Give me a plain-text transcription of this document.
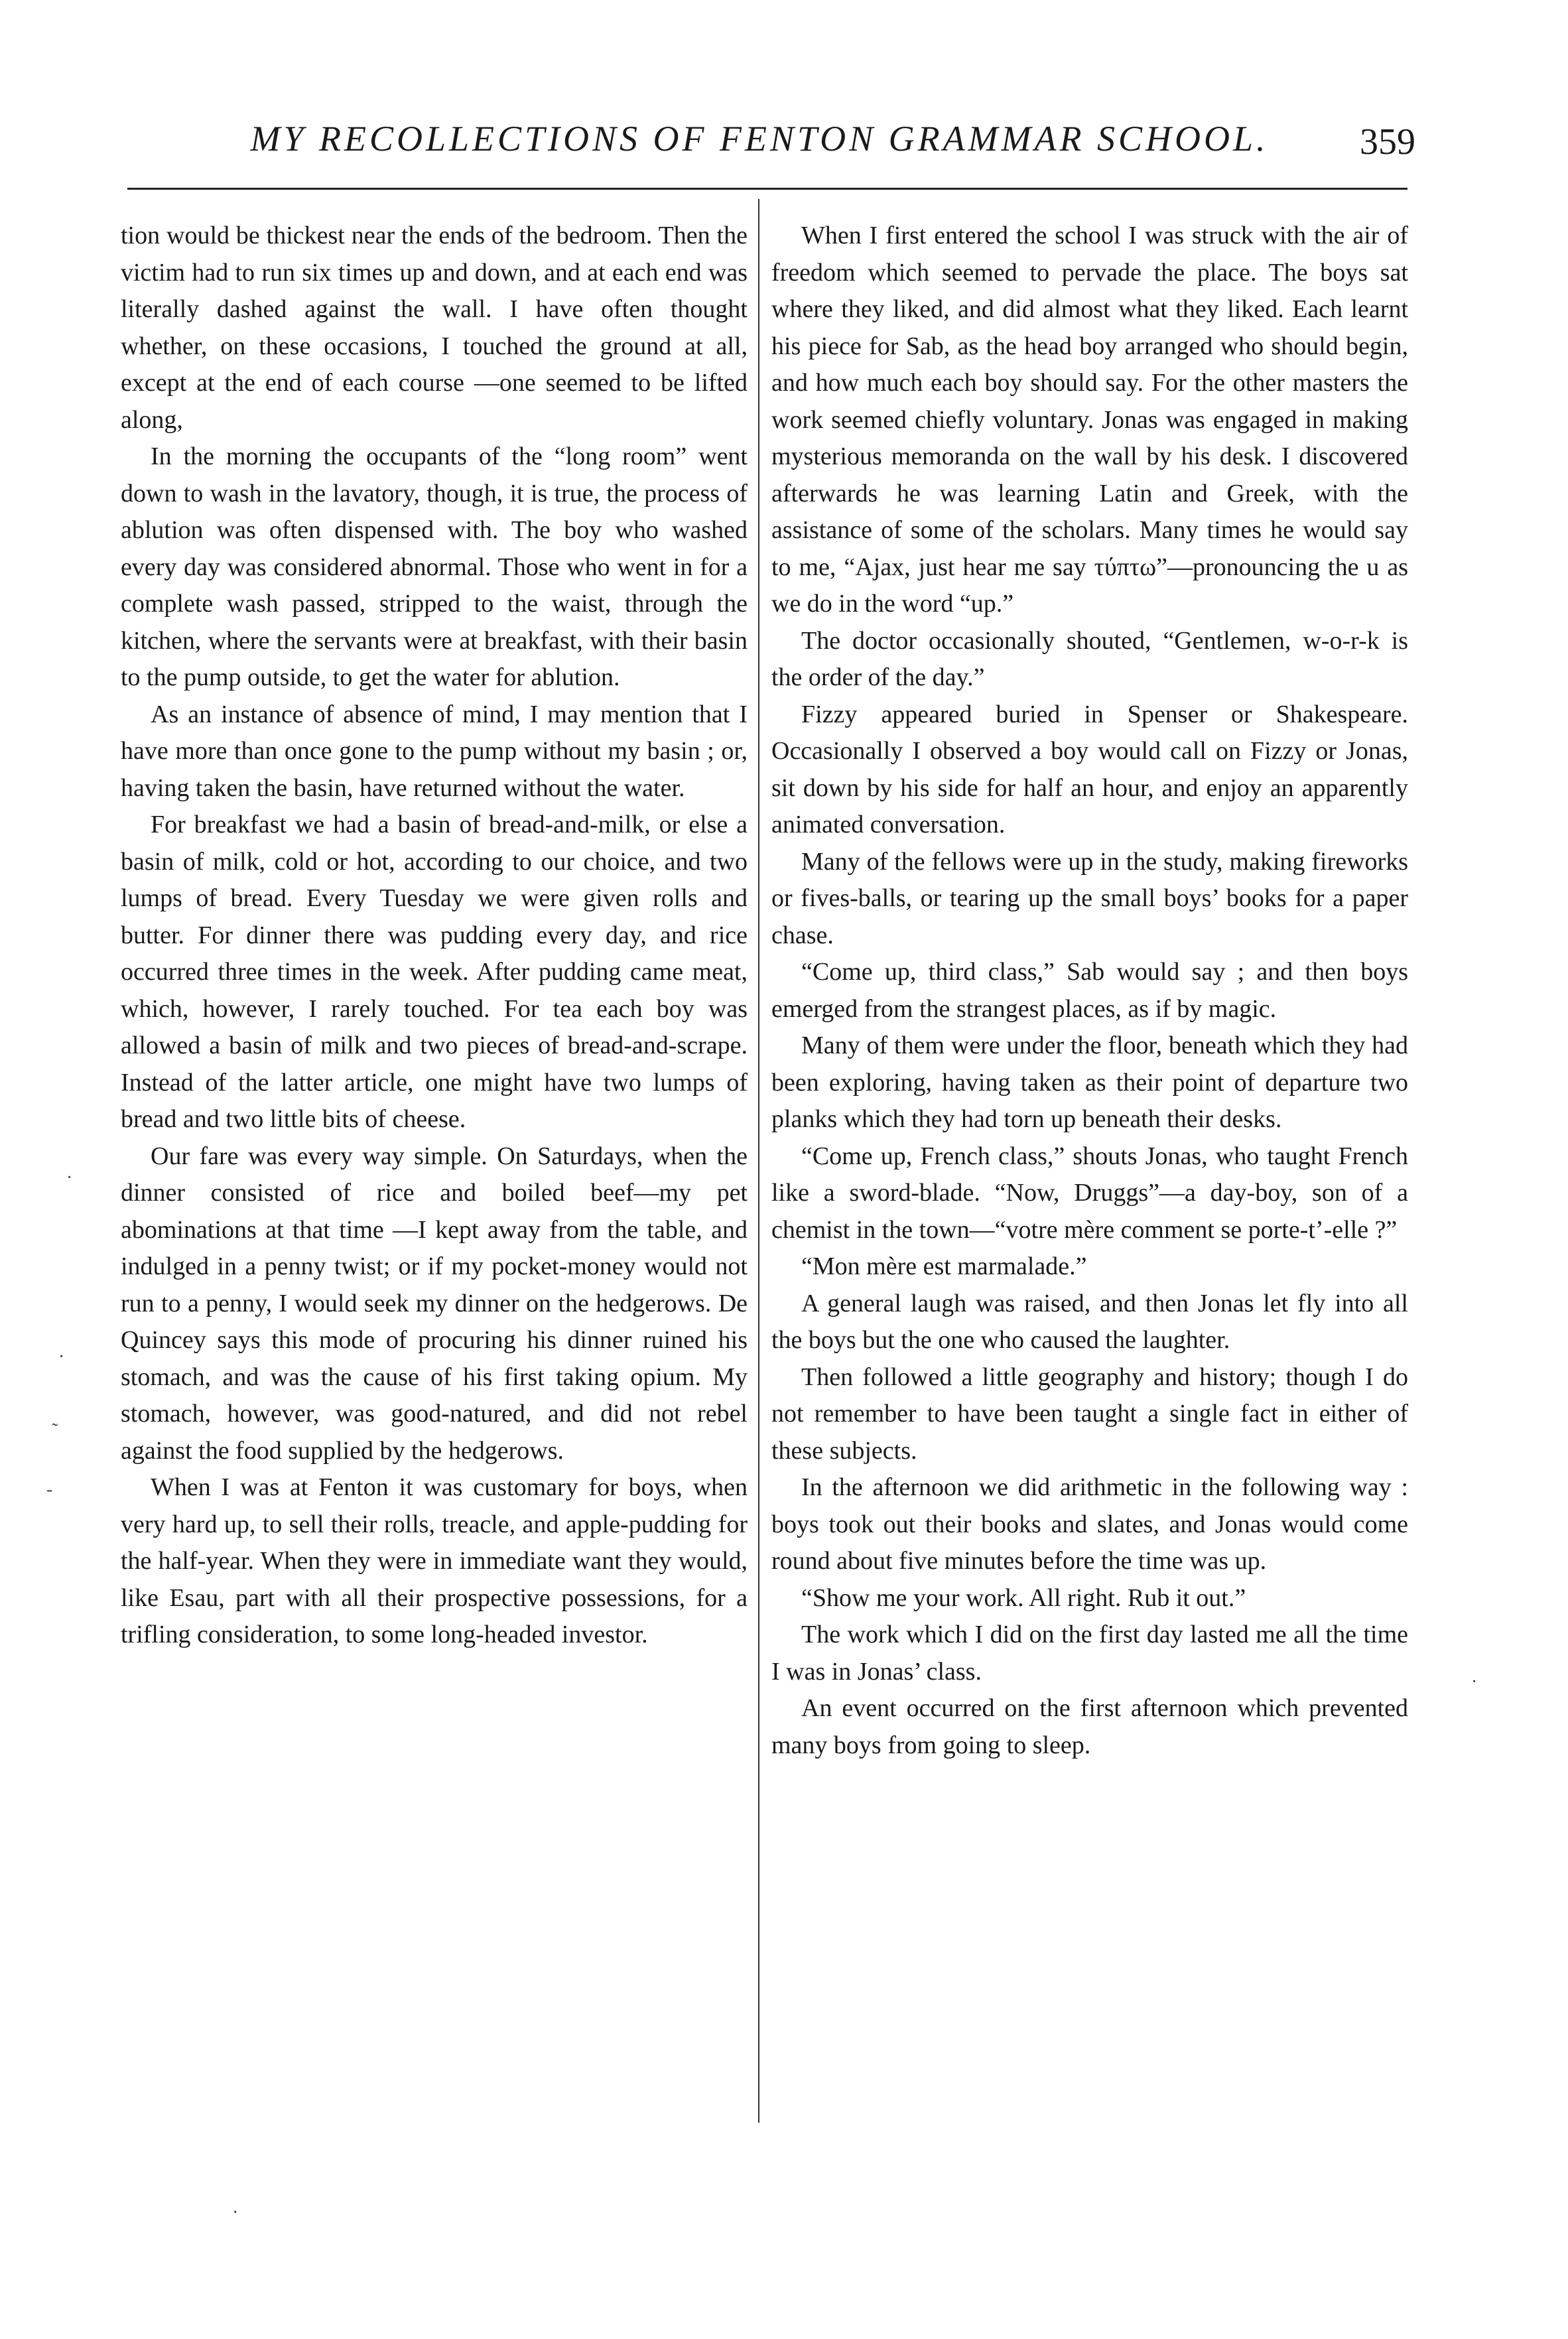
MY RECOLLECTIONS OF FENTON GRAMMAR SCHOOL.	359

tion would be thickest near the ends of the bedroom. Then the victim had to run six times up and down, and at each end was literally dashed against the wall. I have often thought whether, on these occasions, I touched the ground at all, except at the end of each course —one seemed to be lifted along,

In the morning the occupants of the “long room” went down to wash in the lavatory, though, it is true, the process of ablution was often dispensed with. The boy who washed every day was considered abnormal. Those who went in for a complete wash passed, stripped to the waist, through the kitchen, where the servants were at breakfast, with their basin to the pump outside, to get the water for ablution.

As an instance of absence of mind, I may mention that I have more than once gone to the pump without my basin ; or, having taken the basin, have returned without the water.

For breakfast we had a basin of bread-and-milk, or else a basin of milk, cold or hot, according to our choice, and two lumps of bread. Every Tuesday we were given rolls and butter. For dinner there was pudding every day, and rice occurred three times in the week. After pudding came meat, which, however, I rarely touched. For tea each boy was allowed a basin of milk and two pieces of bread-and-scrape. Instead of the latter article, one might have two lumps of bread and two little bits of cheese.

Our fare was every way simple. On Saturdays, when the dinner consisted of rice and boiled beef—my pet abominations at that time —I kept away from the table, and indulged in a penny twist; or if my pocket-money would not run to a penny, I would seek my dinner on the hedgerows. De Quincey says this mode of procuring his dinner ruined his stomach, and was the cause of his first taking opium. My stomach, however, was good-natured, and did not rebel against the food supplied by the hedgerows.

When I was at Fenton it was customary for boys, when very hard up, to sell their rolls, treacle, and apple-pudding for the half-year. When they were in immediate want they would, like Esau, part with all their prospective possessions, for a trifling consideration, to some long-headed investor.

When I first entered the school I was struck with the air of freedom which seemed to pervade the place. The boys sat where they liked, and did almost what they liked. Each learnt his piece for Sab, as the head boy arranged who should begin, and how much each boy should say. For the other masters the work seemed chiefly voluntary. Jonas was engaged in making mysterious memoranda on the wall by his desk. I discovered afterwards he was learning Latin and Greek, with the assistance of some of the scholars. Many times he would say to me, “Ajax, just hear me say τύπτω”—pronouncing the u as we do in the word “up.”

The doctor occasionally shouted, “Gentlemen, w-o-r-k is the order of the day.”

Fizzy appeared buried in Spenser or Shakespeare. Occasionally I observed a boy would call on Fizzy or Jonas, sit down by his side for half an hour, and enjoy an apparently animated conversation.

Many of the fellows were up in the study, making fireworks or fives-balls, or tearing up the small boys’ books for a paper chase.

“Come up, third class,” Sab would say ; and then boys emerged from the strangest places, as if by magic.

Many of them were under the floor, beneath which they had been exploring, having taken as their point of departure two planks which they had torn up beneath their desks.

“Come up, French class,” shouts Jonas, who taught French like a sword-blade. “Now, Druggs”—a day-boy, son of a chemist in the town—“votre mère comment se porte-t’-elle ?”

“Mon mère est marmalade.”

A general laugh was raised, and then Jonas let fly into all the boys but the one who caused the laughter.

Then followed a little geography and history; though I do not remember to have been taught a single fact in either of these subjects.

In the afternoon we did arithmetic in the following way : boys took out their books and slates, and Jonas would come round about five minutes before the time was up.

“Show me your work. All right. Rub it out.”

The work which I did on the first day lasted me all the time I was in Jonas’ class.

An event occurred on the first afternoon which prevented many boys from going to sleep.

·
·
˷
‐
·
·
